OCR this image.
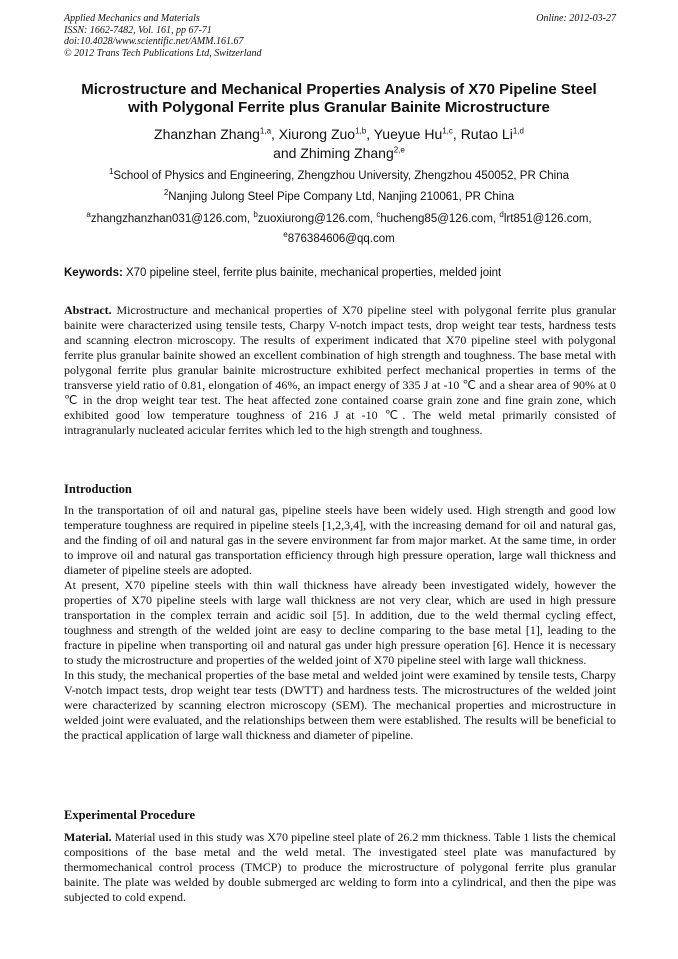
Applied Mechanics and Materials	Online: 2012-03-27
ISSN: 1662-7482, Vol. 161, pp 67-71
doi:10.4028/www.scientific.net/AMM.161.67
© 2012 Trans Tech Publications Ltd, Switzerland
Microstructure and Mechanical Properties Analysis of X70 Pipeline Steel
with Polygonal Ferrite plus Granular Bainite Microstructure
Zhanzhan Zhang$^{1,a}$, Xiurong Zuo$^{1,b}$, Yueyue Hu$^{1,c}$, Rutao Li$^{1,d}$
and Zhiming Zhang$^{2,e}$
$^1$School of Physics and Engineering, Zhengzhou University, Zhengzhou 450052, PR China
$^2$Nanjing Julong Steel Pipe Company Ltd, Nanjing 210061, PR China
$^a$zhangzhanzhan031@126.com, $^b$zuoxiurong@126.com, $^c$hucheng85@126.com, $^d$lrt851@126.com,
$^e$876384606@qq.com
Keywords: X70 pipeline steel, ferrite plus bainite, mechanical properties, melded joint

Abstract. Microstructure and mechanical properties of X70 pipeline steel with polygonal ferrite plus granular bainite were characterized using tensile tests, Charpy V-notch impact tests, drop weight tear tests, hardness tests and scanning electron microscopy. The results of experiment indicated that X70 pipeline steel with polygonal ferrite plus granular bainite showed an excellent combination of high strength and toughness. The base metal with polygonal ferrite plus granular bainite microstructure exhibited perfect mechanical properties in terms of the transverse yield ratio of 0.81, elongation of 46%, an impact energy of 335 J at -10 ℃ and a shear area of 90% at 0 ℃ in the drop weight tear test. The heat affected zone contained coarse grain zone and fine grain zone, which exhibited good low temperature toughness of 216 J at -10 ℃. The weld metal primarily consisted of intragranularly nucleated acicular ferrites which led to the high strength and toughness.

Introduction

In the transportation of oil and natural gas, pipeline steels have been widely used. High strength and good low temperature toughness are required in pipeline steels [1,2,3,4], with the increasing demand for oil and natural gas, and the finding of oil and natural gas in the severe environment far from major market. At the same time, in order to improve oil and natural gas transportation efficiency through high pressure operation, large wall thickness and diameter of pipeline steels are adopted.

At present, X70 pipeline steels with thin wall thickness have already been investigated widely, however the properties of X70 pipeline steels with large wall thickness are not very clear, which are used in high pressure transportation in the complex terrain and acidic soil [5]. In addition, due to the weld thermal cycling effect, toughness and strength of the welded joint are easy to decline comparing to the base metal [1], leading to the fracture in pipeline when transporting oil and natural gas under high pressure operation [6]. Hence it is necessary to study the microstructure and properties of the welded joint of X70 pipeline steel with large wall thickness.

In this study, the mechanical properties of the base metal and welded joint were examined by tensile tests, Charpy V-notch impact tests, drop weight tear tests (DWTT) and hardness tests. The microstructures of the welded joint were characterized by scanning electron microscopy (SEM). The mechanical properties and microstructure in welded joint were evaluated, and the relationships between them were established. The results will be beneficial to the practical application of large wall thickness and diameter of pipeline.

Experimental Procedure

Material. Material used in this study was X70 pipeline steel plate of 26.2 mm thickness. Table 1 lists the chemical compositions of the base metal and the weld metal. The investigated steel plate was manufactured by thermomechanical control process (TMCP) to produce the microstructure of polygonal ferrite plus granular bainite. The plate was welded by double submerged arc welding to form into a cylindrical, and then the pipe was subjected to cold expend.
